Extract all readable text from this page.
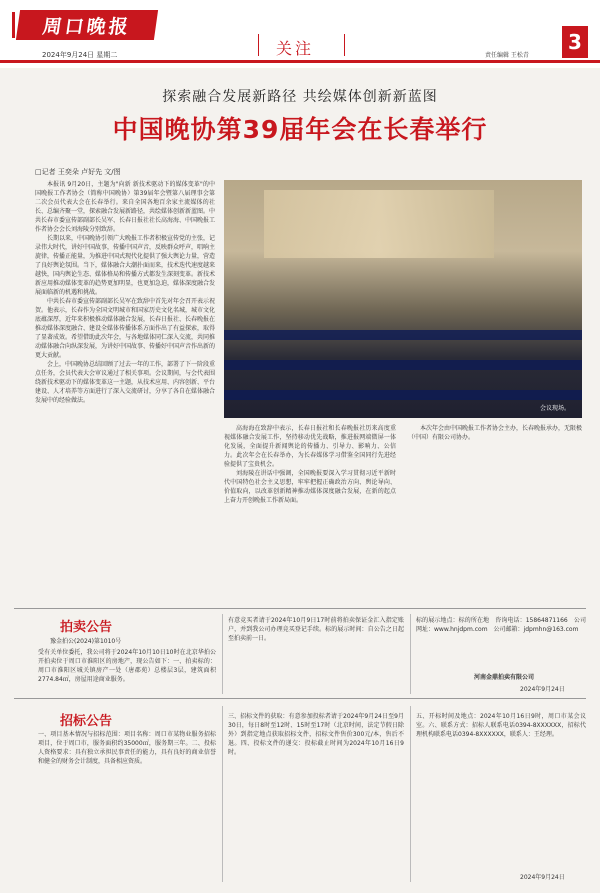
周口晚报
2024年9月24日 星期二	关注	责任编辑 王松青
3
探索融合发展新路径 共绘媒体创新新蓝图
中国晚协第39届年会在长春举行
□记者 王奕朵 卢好先 文/图

本报讯 9月20日，主题为"向新 新技术驱动下的媒体变革"的中国晚报工作者协会（简称中国晚协）第39届年会暨第八届理事会第二次会员代表大会在长春举行。来自全国各地百余家主流媒体的社长、总编齐聚一堂，探索融合发展新路径，共绘媒体创新新蓝图。中共长春市委宣传部副部长吴军、长春日报社社长高海海、中国晚报工作者协会会长刘海陵分别致辞。

长期以来，中国晚协引领广大晚报工作者积极宣传党的主张，记录伟大时代，讲好中国故事，传播中国声音，反映群众呼声，唱响主旋律，传播正能量，为推进中国式现代化提供了强大舆论力量，营造了良好舆论氛围。当下，媒体融合大潮扑面而来，技术迭代速度越来越快，国内舆论生态、媒体格局和传播方式都发生深刻变革。新技术新应用推动媒体变革的趋势更加明显，也更加急迫，媒体深度融合发展面临新的机遇和挑战。

中共长春市委宣传部副部长吴军在致辞中首先对年会召开表示祝贺。他表示，长春作为全国文明城市和国家历史文化名城，城市文化底蕴深厚，近年来积极推动媒体融合发展，长春日报社、长春晚报在推动媒体深度融合、建设全媒体传播体系方面作出了有益探索，取得了显著成效。希望借助此次年会，与各地媒体同仁深入交流，共同推动媒体融合向纵深发展，为讲好中国故事、传播好中国声音作出新的更大贡献。

会上，中国晚协总结回顾了过去一年的工作，部署了下一阶段重点任务，会员代表大会审议通过了相关事项。会议期间，与会代表围绕新技术驱动下的媒体变革这一主题，从技术应用、内容创新、平台建设、人才培养等方面进行了深入交流研讨，分享了各自在媒体融合发展中的经验做法。

会议现场。

高海海在致辞中表示，长春日报社和长春晚报社历来高度重视媒体融合发展工作，坚持移动优先战略，推进报网端微屏一体化发展，全面提升新闻舆论的传播力、引导力、影响力、公信力。此次年会在长春举办，为长春媒体学习借鉴全国同行先进经验提供了宝贵机会。

刘海陵在讲话中强调，全国晚报要深入学习贯彻习近平新时代中国特色社会主义思想，牢牢把握正确政治方向、舆论导向、价值取向，以改革创新精神推动媒体深度融合发展，在新的起点上奋力开创晚报工作新局面。

本次年会由中国晚报工作者协会主办，长春晚报承办，无限极（中国）有限公司协办。

拍卖公告
豫金拍公(2024)第1010号
受有关单位委托，我公司将于2024年10月10日10时在北京华拍公开拍卖位于周口市淮阳区的房地产，现公告如下：一、拍卖标的：周口市淮阳区城关镇房产一处（唐郡苑）总楼层3层，建筑面积2774.84㎡，房屋用途商业服务。
有意竞买者请于2024年10月9日17时前将拍卖保证金汇入指定账户，并到我公司办理竞买登记手续。标的展示时间：自公告之日起至拍卖前一日。
标的展示地点：标的所在地　咨询电话：15864871166　公司网址：www.hnjdpm.com　公司邮箱：jdpmhn@163.com
河南金鼎拍卖有限公司
2024年9月24日
招标公告
一、项目基本情况与招标范围：项目名称：周口市某物业服务招标项目，位于周口市，服务面积约35000㎡，服务期三年。二、投标人资格要求：具有独立承担民事责任的能力，具有良好的商业信誉和健全的财务会计制度，具备相应资质。
三、招标文件的获取：有意参加投标者请于2024年9月24日至9月30日，每日8时至12时、15时至17时（北京时间，法定节假日除外）到指定地点获取招标文件，招标文件售价300元/本，售后不退。四、投标文件的递交：投标截止时间为2024年10月16日9时。
五、开标时间及地点：2024年10月16日9时，周口市某会议室。六、联系方式：招标人联系电话0394-8XXXXXX，招标代理机构联系电话0394-8XXXXXX，联系人：王经理。
2024年9月24日
